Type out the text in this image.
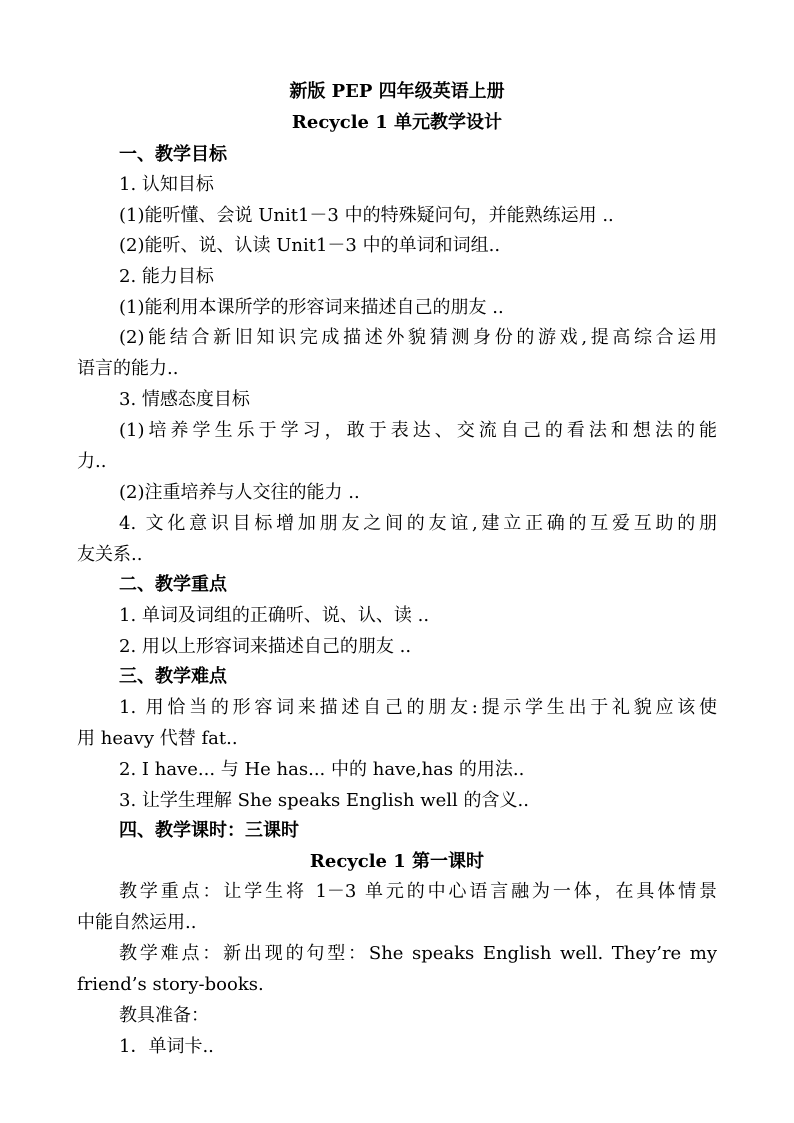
新版 PEP 四年级英语上册
Recycle 1 单元教学设计
一、教学目标
1. 认知目标
(1)能听懂、会说 Unit1－3 中的特殊疑问句，并能熟练运用 ..
(2)能听、说、认读 Unit1－3 中的单词和词组..
2. 能力目标
(1)能利用本课所学的形容词来描述自己的朋友 ..
(2)能结合新旧知识完成描述外貌猜测身份的游戏,提高综合运用
语言的能力..
3. 情感态度目标
(1)培养学生乐于学习，敢于表达、交流自己的看法和想法的能
力..
(2)注重培养与人交往的能力 ..
4. 文化意识目标增加朋友之间的友谊,建立正确的互爱互助的朋
友关系..
二、教学重点
1. 单词及词组的正确听、说、认、读 ..
2. 用以上形容词来描述自己的朋友 ..
三、教学难点
1. 用恰当的形容词来描述自己的朋友:提示学生出于礼貌应该使
用 heavy 代替 fat..
2. I have... 与 He has... 中的 have,has 的用法..
3. 让学生理解 She speaks English well 的含义..
四、教学课时：三课时
Recycle 1 第一课时
教学重点：让学生将 1－3 单元的中心语言融为一体，在具体情景
中能自然运用..
教学难点：新出现的句型：She speaks English well. They’re my
friend’s story-books.
教具准备：
1．单词卡..
